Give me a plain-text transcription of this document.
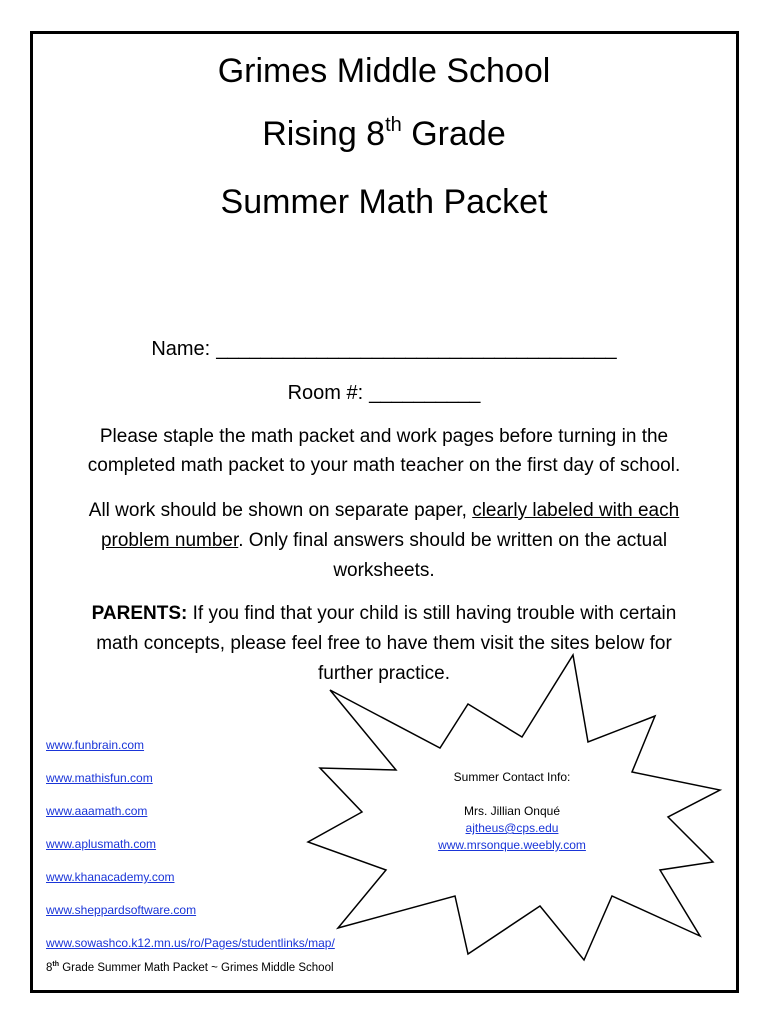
Grimes Middle School
Rising 8th Grade
Summer Math Packet

Name: ____________________________________

Room #: __________

Please staple the math packet and work pages before turning in the
completed math packet to your math teacher on the first day of school.

All work should be shown on separate paper, clearly labeled with each
problem number. Only final answers should be written on the actual
worksheets.

PARENTS: If you find that your child is still having trouble with certain
math concepts, please feel free to have them visit the sites below for
further practice.

www.funbrain.com
www.mathisfun.com
www.aaamath.com
www.aplusmath.com
www.khanacademy.com
www.sheppardsoftware.com
www.sowashco.k12.mn.us/ro/Pages/studentlinks/map/
Summer Contact Info:
Mrs. Jillian Onqué
ajtheus@cps.edu
www.mrsonque.weebly.com
8th Grade Summer Math Packet ~ Grimes Middle School
